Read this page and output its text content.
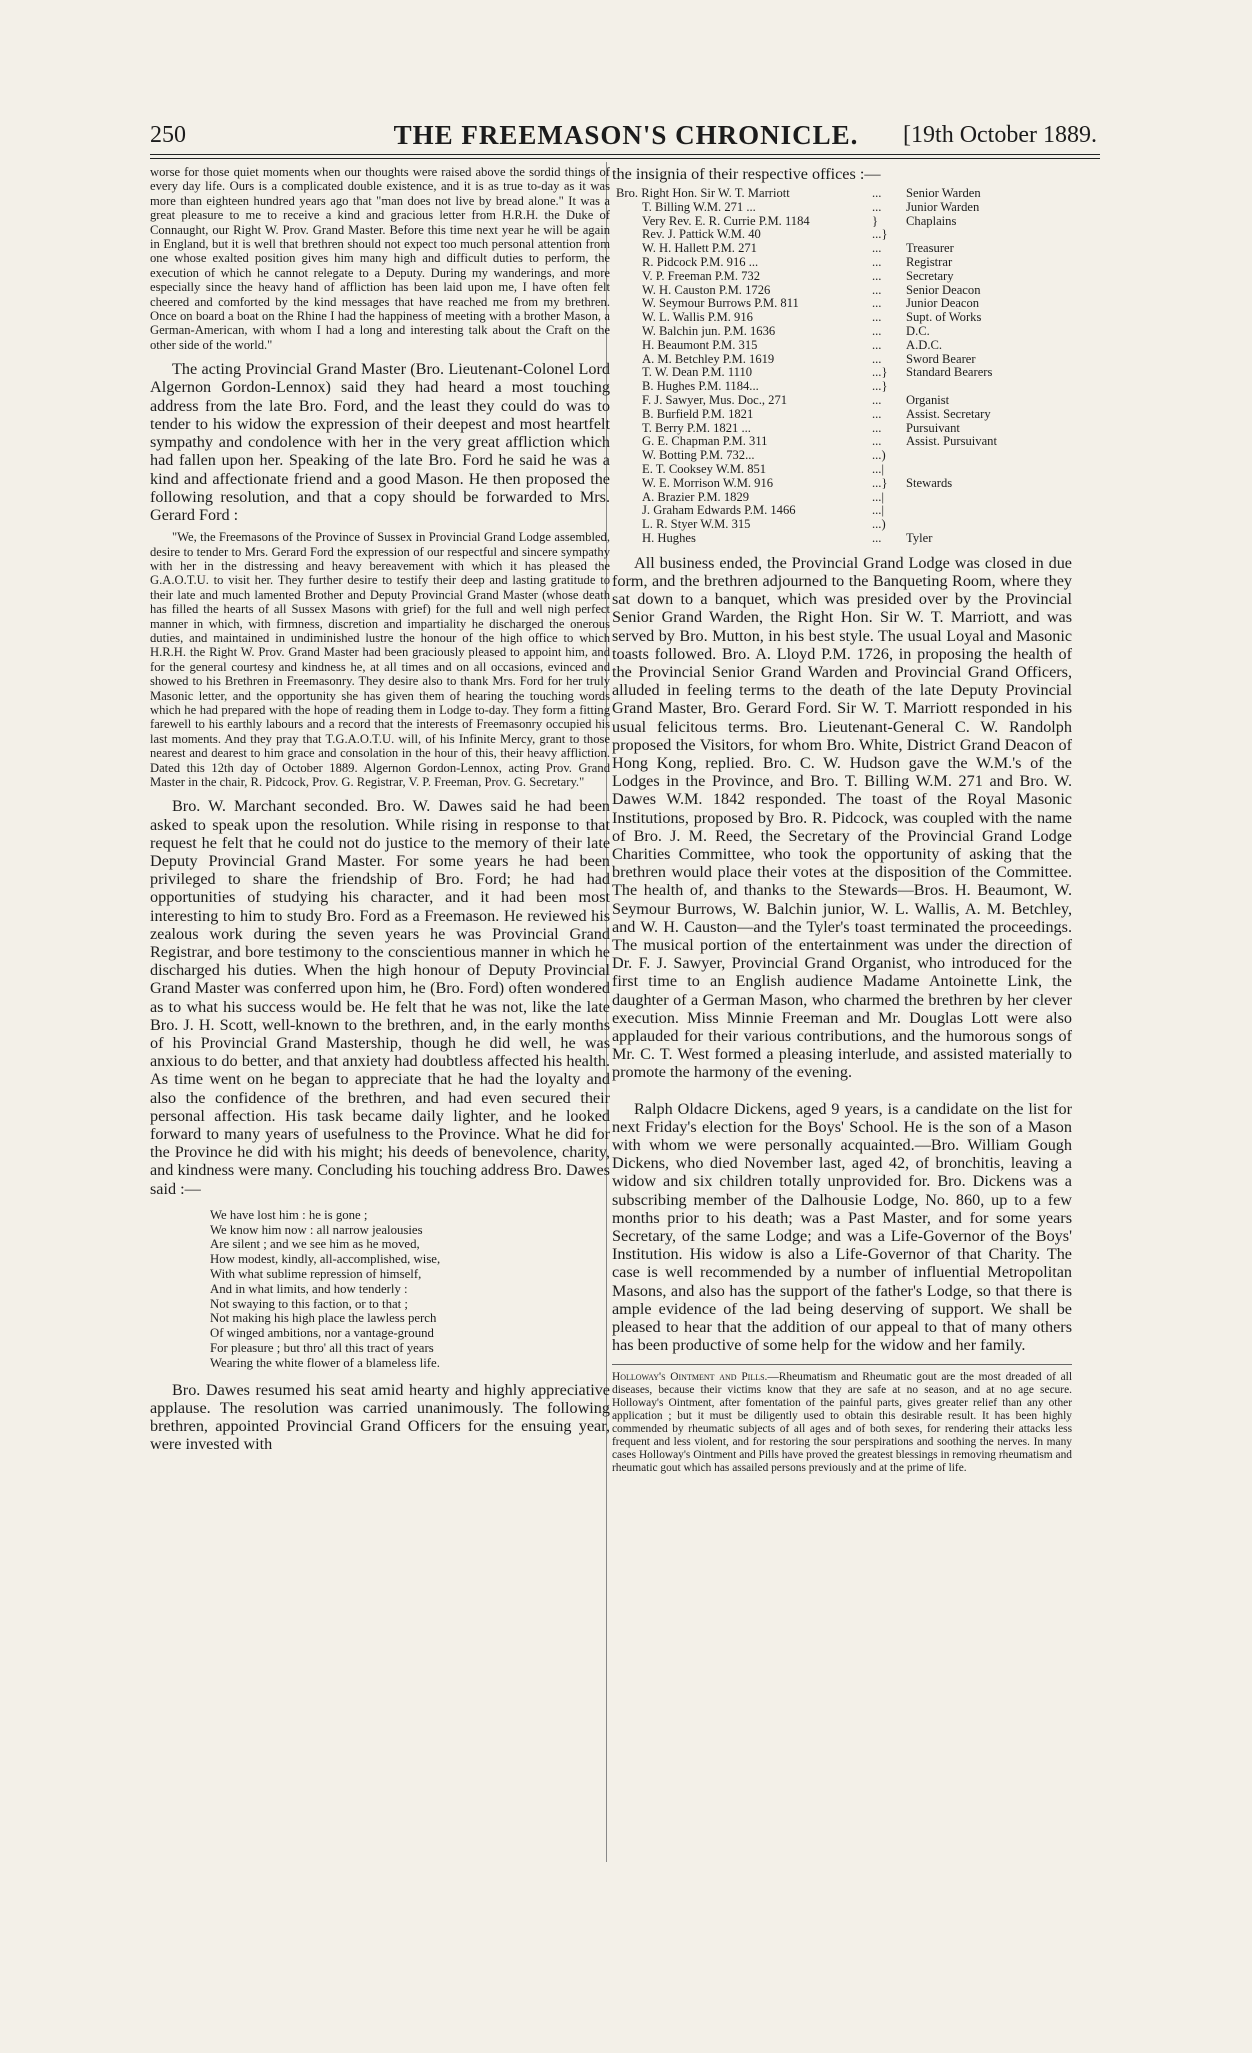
250	THE FREEMASON'S CHRONICLE.	[19th October 1889.

worse for those quiet moments when our thoughts were raised above the sordid things of every day life. Ours is a complicated double existence, and it is as true to-day as it was more than eighteen hundred years ago that "man does not live by bread alone." It was a great pleasure to me to receive a kind and gracious letter from H.R.H. the Duke of Connaught, our Right W. Prov. Grand Master. Before this time next year he will be again in England, but it is well that brethren should not expect too much personal attention from one whose exalted position gives him many high and difficult duties to perform, the execution of which he cannot relegate to a Deputy. During my wanderings, and more especially since the heavy hand of affliction has been laid upon me, I have often felt cheered and comforted by the kind messages that have reached me from my brethren. Once on board a boat on the Rhine I had the happiness of meeting with a brother Mason, a German-American, with whom I had a long and interesting talk about the Craft on the other side of the world."

The acting Provincial Grand Master (Bro. Lieutenant-Colonel Lord Algernon Gordon-Lennox) said they had heard a most touching address from the late Bro. Ford, and the least they could do was to tender to his widow the expression of their deepest and most heartfelt sympathy and condolence with her in the very great affliction which had fallen upon her. Speaking of the late Bro. Ford he said he was a kind and affectionate friend and a good Mason. He then proposed the following resolution, and that a copy should be forwarded to Mrs. Gerard Ford :

"We, the Freemasons of the Province of Sussex in Provincial Grand Lodge assembled, desire to tender to Mrs. Gerard Ford the expression of our respectful and sincere sympathy with her in the distressing and heavy bereavement with which it has pleased the G.A.O.T.U. to visit her. They further desire to testify their deep and lasting gratitude to their late and much lamented Brother and Deputy Provincial Grand Master (whose death has filled the hearts of all Sussex Masons with grief) for the full and well nigh perfect manner in which, with firmness, discretion and impartiality he discharged the onerous duties, and maintained in undiminished lustre the honour of the high office to which H.R.H. the Right W. Prov. Grand Master had been graciously pleased to appoint him, and for the general courtesy and kindness he, at all times and on all occasions, evinced and showed to his Brethren in Freemasonry. They desire also to thank Mrs. Ford for her truly Masonic letter, and the opportunity she has given them of hearing the touching words which he had prepared with the hope of reading them in Lodge to-day. They form a fitting farewell to his earthly labours and a record that the interests of Freemasonry occupied his last moments. And they pray that T.G.A.O.T.U. will, of his Infinite Mercy, grant to those nearest and dearest to him grace and consolation in the hour of this, their heavy affliction. Dated this 12th day of October 1889. Algernon Gordon-Lennox, acting Prov. Grand Master in the chair, R. Pidcock, Prov. G. Registrar, V. P. Freeman, Prov. G. Secretary."

Bro. W. Marchant seconded. Bro. W. Dawes said he had been asked to speak upon the resolution. While rising in response to that request he felt that he could not do justice to the memory of their late Deputy Provincial Grand Master. For some years he had been privileged to share the friendship of Bro. Ford; he had had opportunities of studying his character, and it had been most interesting to him to study Bro. Ford as a Freemason. He reviewed his zealous work during the seven years he was Provincial Grand Registrar, and bore testimony to the conscientious manner in which he discharged his duties. When the high honour of Deputy Provincial Grand Master was conferred upon him, he (Bro. Ford) often wondered as to what his success would be. He felt that he was not, like the late Bro. J. H. Scott, well-known to the brethren, and, in the early months of his Provincial Grand Mastership, though he did well, he was anxious to do better, and that anxiety had doubtless affected his health. As time went on he began to appreciate that he had the loyalty and also the confidence of the brethren, and had even secured their personal affection. His task became daily lighter, and he looked forward to many years of usefulness to the Province. What he did for the Province he did with his might; his deeds of benevolence, charity, and kindness were many. Concluding his touching address Bro. Dawes said :—

We have lost him : he is gone ;
We know him now : all narrow jealousies
Are silent ; and we see him as he moved,
How modest, kindly, all-accomplished, wise,
With what sublime repression of himself,
And in what limits, and how tenderly :
Not swaying to this faction, or to that ;
Not making his high place the lawless perch
Of winged ambitions, nor a vantage-ground
For pleasure ; but thro' all this tract of years
Wearing the white flower of a blameless life.

Bro. Dawes resumed his seat amid hearty and highly appreciative applause. The resolution was carried unanimously. The following brethren, appointed Provincial Grand Officers for the ensuing year, were invested with

the insignia of their respective offices :—

Bro. Right Hon. Sir W. T. Marriott	...	Senior Warden
T. Billing W.M. 271 ...	...	Junior Warden
Very Rev. E. R. Currie P.M. 1184	}	Chaplains
Rev. J. Pattick W.M. 40	...}	
W. H. Hallett P.M. 271	...	Treasurer
R. Pidcock P.M. 916 ...	...	Registrar
V. P. Freeman P.M. 732	...	Secretary
W. H. Causton P.M. 1726	...	Senior Deacon
W. Seymour Burrows P.M. 811	...	Junior Deacon
W. L. Wallis P.M. 916	...	Supt. of Works
W. Balchin jun. P.M. 1636	...	D.C.
H. Beaumont P.M. 315	...	A.D.C.
A. M. Betchley P.M. 1619	...	Sword Bearer
T. W. Dean P.M. 1110	...}	Standard Bearers
B. Hughes P.M. 1184...	...}	
F. J. Sawyer, Mus. Doc., 271	...	Organist
B. Burfield P.M. 1821	...	Assist. Secretary
T. Berry P.M. 1821 ...	...	Pursuivant
G. E. Chapman P.M. 311	...	Assist. Pursuivant
W. Botting P.M. 732...	...)	
E. T. Cooksey W.M. 851	...|	
W. E. Morrison W.M. 916	...}	Stewards
A. Brazier P.M. 1829	...|	
J. Graham Edwards P.M. 1466	...|	
L. R. Styer W.M. 315	...)	
H. Hughes	...	Tyler

All business ended, the Provincial Grand Lodge was closed in due form, and the brethren adjourned to the Banqueting Room, where they sat down to a banquet, which was presided over by the Provincial Senior Grand Warden, the Right Hon. Sir W. T. Marriott, and was served by Bro. Mutton, in his best style. The usual Loyal and Masonic toasts followed. Bro. A. Lloyd P.M. 1726, in proposing the health of the Provincial Senior Grand Warden and Provincial Grand Officers, alluded in feeling terms to the death of the late Deputy Provincial Grand Master, Bro. Gerard Ford. Sir W. T. Marriott responded in his usual felicitous terms. Bro. Lieutenant-General C. W. Randolph proposed the Visitors, for whom Bro. White, District Grand Deacon of Hong Kong, replied. Bro. C. W. Hudson gave the W.M.'s of the Lodges in the Province, and Bro. T. Billing W.M. 271 and Bro. W. Dawes W.M. 1842 responded. The toast of the Royal Masonic Institutions, proposed by Bro. R. Pidcock, was coupled with the name of Bro. J. M. Reed, the Secretary of the Provincial Grand Lodge Charities Committee, who took the opportunity of asking that the brethren would place their votes at the disposition of the Committee. The health of, and thanks to the Stewards—Bros. H. Beaumont, W. Seymour Burrows, W. Balchin junior, W. L. Wallis, A. M. Betchley, and W. H. Causton—and the Tyler's toast terminated the proceedings. The musical portion of the entertainment was under the direction of Dr. F. J. Sawyer, Provincial Grand Organist, who introduced for the first time to an English audience Madame Antoinette Link, the daughter of a German Mason, who charmed the brethren by her clever execution. Miss Minnie Freeman and Mr. Douglas Lott were also applauded for their various contributions, and the humorous songs of Mr. C. T. West formed a pleasing interlude, and assisted materially to promote the harmony of the evening.

Ralph Oldacre Dickens, aged 9 years, is a candidate on the list for next Friday's election for the Boys' School. He is the son of a Mason with whom we were personally acquainted.—Bro. William Gough Dickens, who died November last, aged 42, of bronchitis, leaving a widow and six children totally unprovided for. Bro. Dickens was a subscribing member of the Dalhousie Lodge, No. 860, up to a few months prior to his death; was a Past Master, and for some years Secretary, of the same Lodge; and was a Life-Governor of the Boys' Institution. His widow is also a Life-Governor of that Charity. The case is well recommended by a number of influential Metropolitan Masons, and also has the support of the father's Lodge, so that there is ample evidence of the lad being deserving of support. We shall be pleased to hear that the addition of our appeal to that of many others has been productive of some help for the widow and her family.

Holloway's Ointment and Pills.—Rheumatism and Rheumatic gout are the most dreaded of all diseases, because their victims know that they are safe at no season, and at no age secure. Holloway's Ointment, after fomentation of the painful parts, gives greater relief than any other application ; but it must be diligently used to obtain this desirable result. It has been highly commended by rheumatic subjects of all ages and of both sexes, for rendering their attacks less frequent and less violent, and for restoring the sour perspirations and soothing the nerves. In many cases Holloway's Ointment and Pills have proved the greatest blessings in removing rheumatism and rheumatic gout which has assailed persons previously and at the prime of life.
